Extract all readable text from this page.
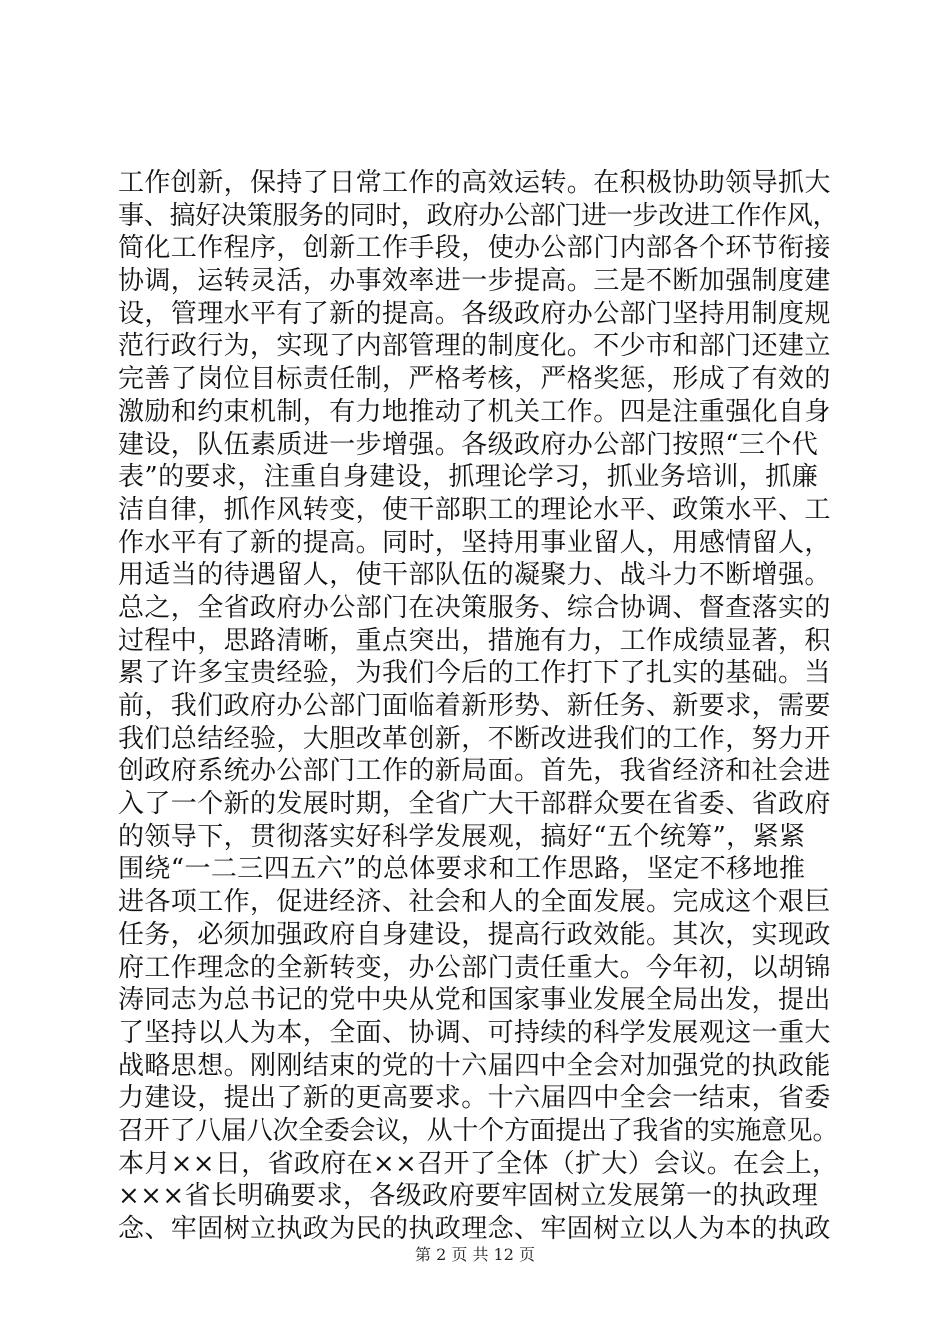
工作创新，保持了日常工作的高效运转。在积极协助领导抓大
事、搞好决策服务的同时，政府办公部门进一步改进工作作风，
简化工作程序，创新工作手段，使办公部门内部各个环节衔接
协调，运转灵活，办事效率进一步提高。三是不断加强制度建
设，管理水平有了新的提高。各级政府办公部门坚持用制度规
范行政行为，实现了内部管理的制度化。不少市和部门还建立
完善了岗位目标责任制，严格考核，严格奖惩，形成了有效的
激励和约束机制，有力地推动了机关工作。四是注重强化自身
建设，队伍素质进一步增强。各级政府办公部门按照“三个代
表”的要求，注重自身建设，抓理论学习，抓业务培训，抓廉
洁自律，抓作风转变，使干部职工的理论水平、政策水平、工
作水平有了新的提高。同时，坚持用事业留人，用感情留人，
用适当的待遇留人，使干部队伍的凝聚力、战斗力不断增强。
总之，全省政府办公部门在决策服务、综合协调、督查落实的
过程中，思路清晰，重点突出，措施有力，工作成绩显著，积
累了许多宝贵经验，为我们今后的工作打下了扎实的基础。当
前，我们政府办公部门面临着新形势、新任务、新要求，需要
我们总结经验，大胆改革创新，不断改进我们的工作，努力开
创政府系统办公部门工作的新局面。首先，我省经济和社会进
入了一个新的发展时期，全省广大干部群众要在省委、省政府
的领导下，贯彻落实好科学发展观，搞好“五个统筹”，紧紧
围绕“一二三四五六”的总体要求和工作思路，坚定不移地推
进各项工作，促进经济、社会和人的全面发展。完成这个艰巨
任务，必须加强政府自身建设，提高行政效能。其次，实现政
府工作理念的全新转变，办公部门责任重大。今年初，以胡锦
涛同志为总书记的党中央从党和国家事业发展全局出发，提出
了坚持以人为本，全面、协调、可持续的科学发展观这一重大
战略思想。刚刚结束的党的十六届四中全会对加强党的执政能
力建设，提出了新的更高要求。十六届四中全会一结束，省委
召开了八届八次全委会议，从十个方面提出了我省的实施意见。
本月××日，省政府在××召开了全体（扩大）会议。在会上，
×××省长明确要求，各级政府要牢固树立发展第一的执政理
念、牢固树立执政为民的执政理念、牢固树立以人为本的执政
第 2 页 共 12 页
